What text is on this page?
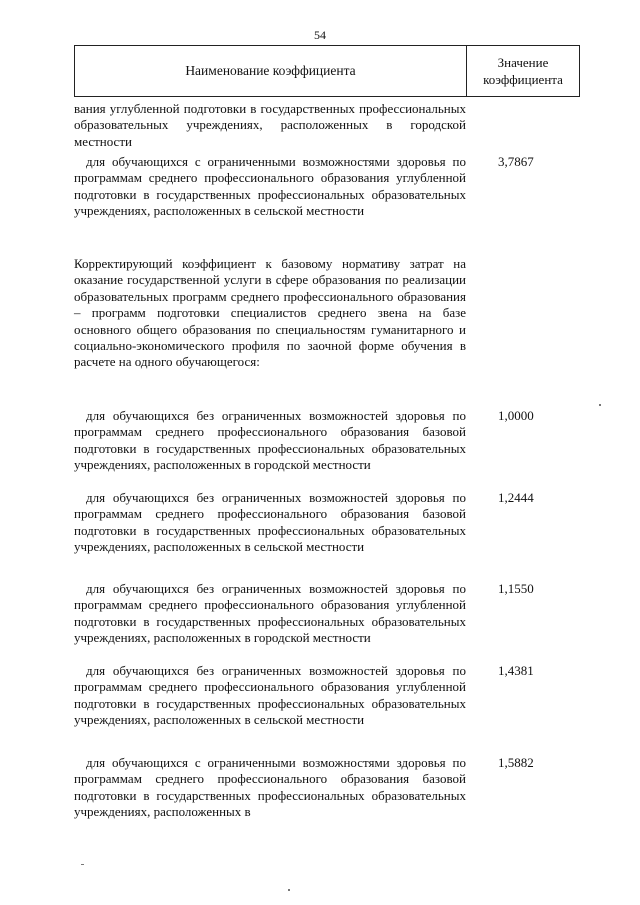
54
Наименование коэффициента
Значение
коэффициента

вания углубленной подготовки в государственных профессиональных образовательных учреждениях, расположенных в городской местности

для обучающихся с ограниченными возможностями здоровья по программам среднего профессионального образования углубленной подготовки в государственных профессиональных образовательных учреждениях, расположенных в сельской местности

3,7867

Корректирующий коэффициент к базовому нормативу затрат на оказание государственной услуги в сфере образования по реализации образовательных программ среднего профессионального образования – программ подготовки специалистов среднего звена на базе основного общего образования по специальностям гуманитарного и социально-экономического профиля по заочной форме обучения в расчете на одного обучающегося:

для обучающихся без ограниченных возможностей здоровья по программам среднего профессионального образования базовой подготовки в государственных профессиональных образовательных учреждениях, расположенных в городской местности

1,0000

для обучающихся без ограниченных возможностей здоровья по программам среднего профессионального образования базовой подготовки в государственных профессиональных образовательных учреждениях, расположенных в сельской местности

1,2444

для обучающихся без ограниченных возможностей здоровья по программам среднего профессионального образования углубленной подготовки в государственных профессиональных образовательных учреждениях, расположенных в городской местности

1,1550

для обучающихся без ограниченных возможностей здоровья по программам среднего профессионального образования углубленной подготовки в государственных профессиональных образовательных учреждениях, расположенных в сельской местности

1,4381

для обучающихся с ограниченными возможностями здоровья по программам среднего профессионального образования базовой подготовки в государственных профессиональных образовательных учреждениях, расположенных в

1,5882
